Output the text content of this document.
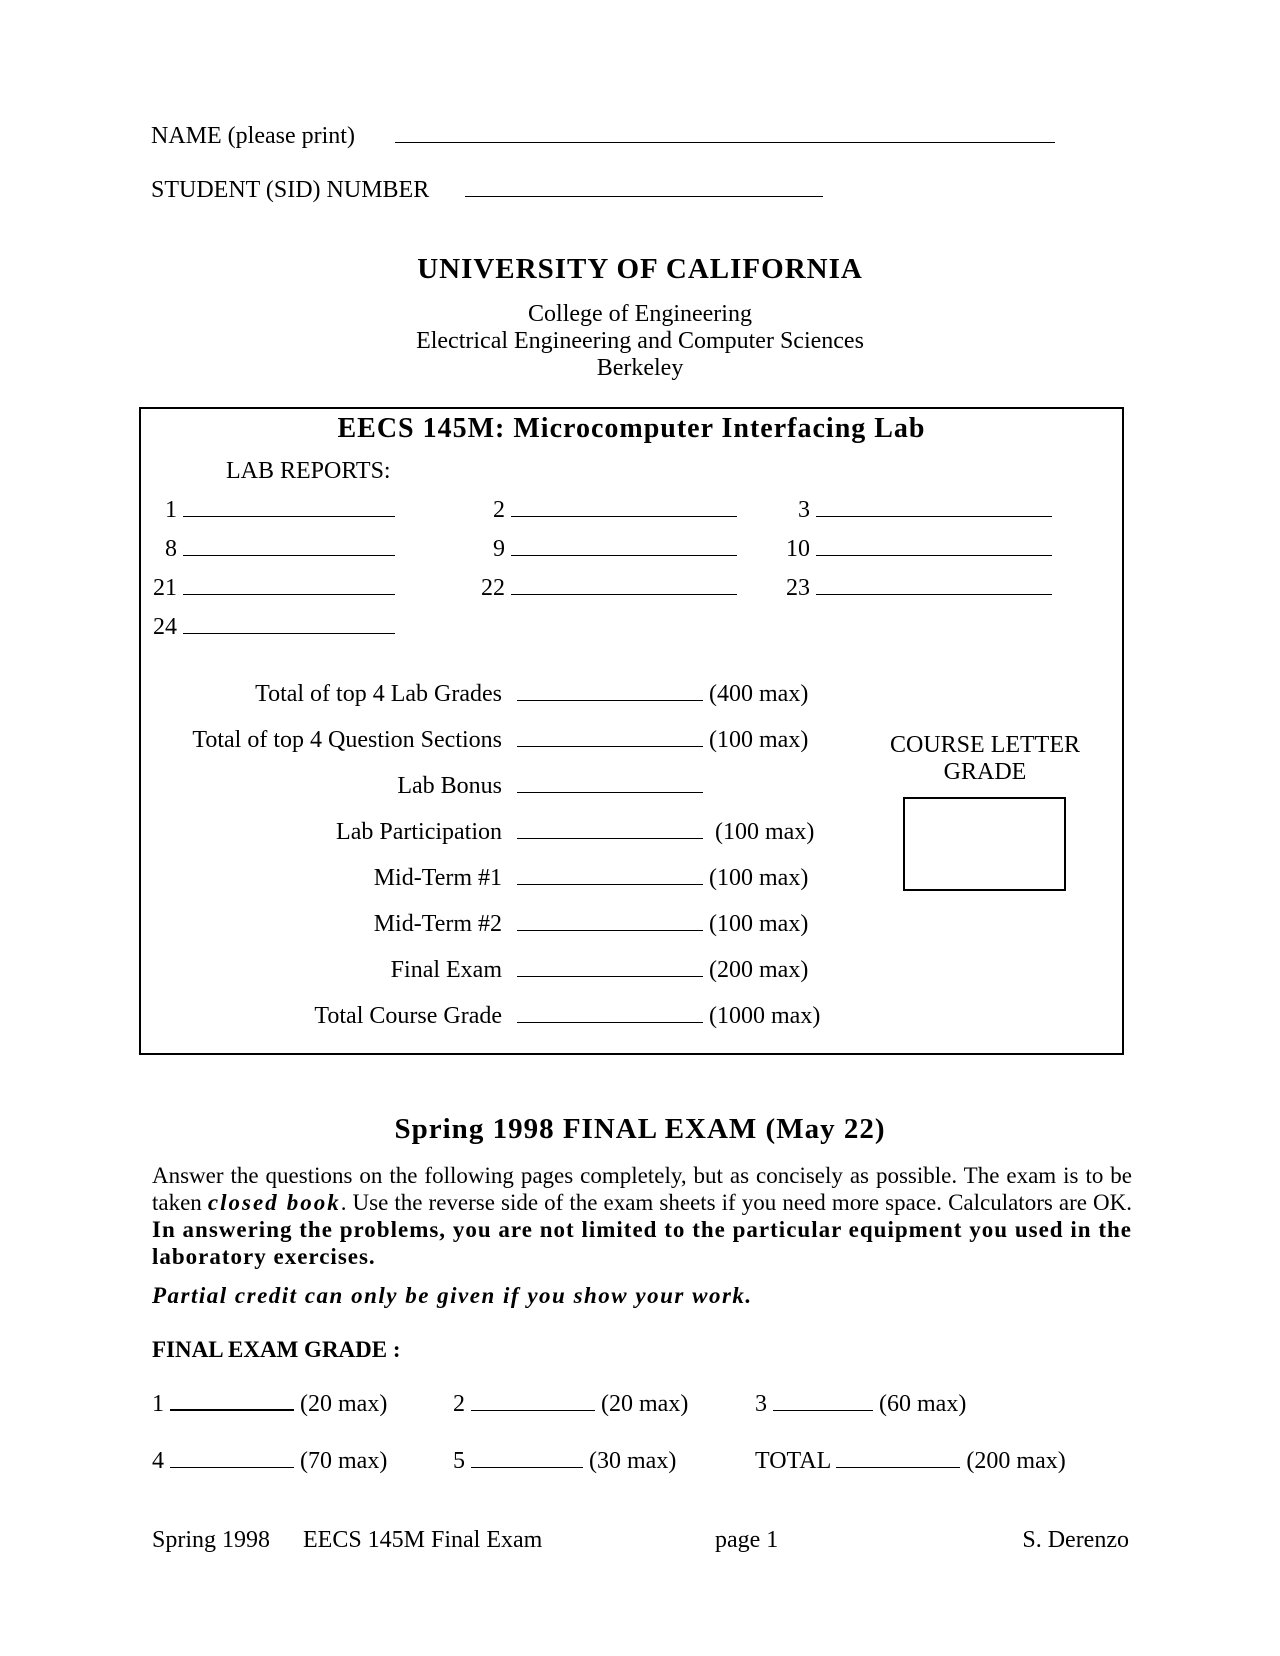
NAME (please print)
STUDENT (SID) NUMBER
UNIVERSITY OF CALIFORNIA
College of Engineering
Electrical Engineering and Computer Sciences
Berkeley
EECS 145M: Microcomputer Interfacing Lab
LAB REPORTS:
1	2	3
8	9	10
21	22	23
24
Total of top 4 Lab Grades	(400 max)
Total of top 4 Question Sections	(100 max)
Lab Bonus
Lab Participation	(100 max)
Mid-Term #1	(100 max)
Mid-Term #2	(100 max)
Final Exam	(200 max)
Total Course Grade	(1000 max)
COURSE LETTER
GRADE
Spring 1998 FINAL EXAM (May 22)
Answer the questions on the following pages completely, but as concisely as possible. The exam is to be taken closed book. Use the reverse side of the exam sheets if you need more space. Calculators are OK. In answering the problems, you are not limited to the particular equipment you used in the laboratory exercises.
Partial credit can only be given if you show your work.
FINAL EXAM GRADE :
1	(20 max)	2	(20 max)	3	(60 max)
4	(70 max)	5	(30 max)	TOTAL	(200 max)
Spring 1998 EECS 145M Final Exam	page 1	S. Derenzo
